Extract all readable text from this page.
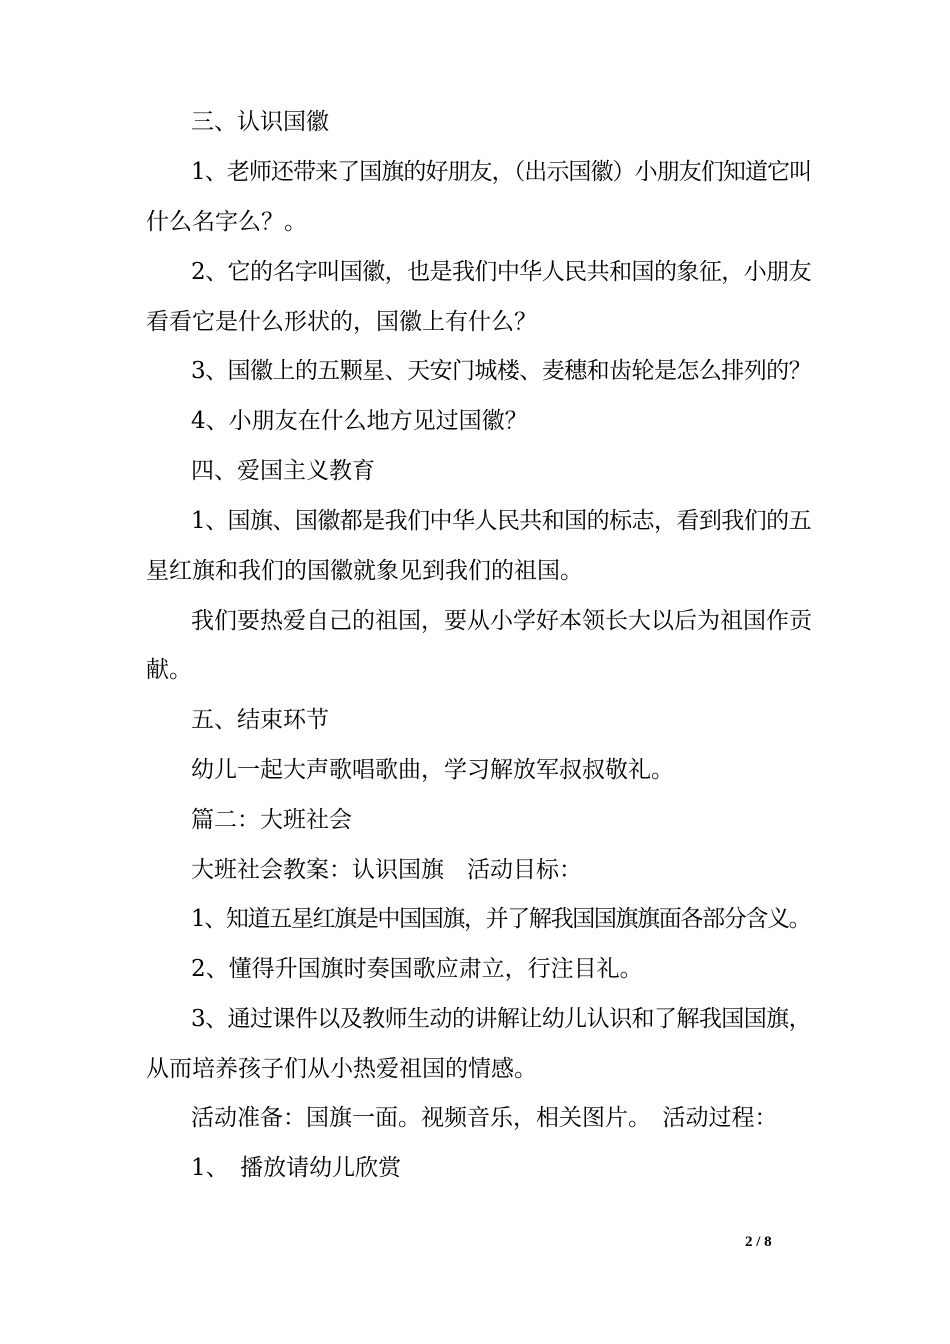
三、认识国徽
1、老师还带来了国旗的好朋友，（出示国徽）小朋友们知道它叫
什么名字么？。
2、它的名字叫国徽，也是我们中华人民共和国的象征，小朋友
看看它是什么形状的，国徽上有什么？
3、国徽上的五颗星、天安门城楼、麦穗和齿轮是怎么排列的？
4、小朋友在什么地方见过国徽？
四、爱国主义教育
1、国旗、国徽都是我们中华人民共和国的标志，看到我们的五
星红旗和我们的国徽就象见到我们的祖国。
我们要热爱自己的祖国，要从小学好本领长大以后为祖国作贡
献。
五、结束环节
幼儿一起大声歌唱歌曲，学习解放军叔叔敬礼。
篇二：大班社会
大班社会教案：认识国旗　活动目标：
1、知道五星红旗是中国国旗，并了解我国国旗旗面各部分含义。
2、懂得升国旗时奏国歌应肃立，行注目礼。
3、通过课件以及教师生动的讲解让幼儿认识和了解我国国旗，
从而培养孩子们从小热爱祖国的情感。
活动准备：国旗一面。视频音乐，相关图片。　活动过程：
1、　播放请幼儿欣赏
2 / 8
